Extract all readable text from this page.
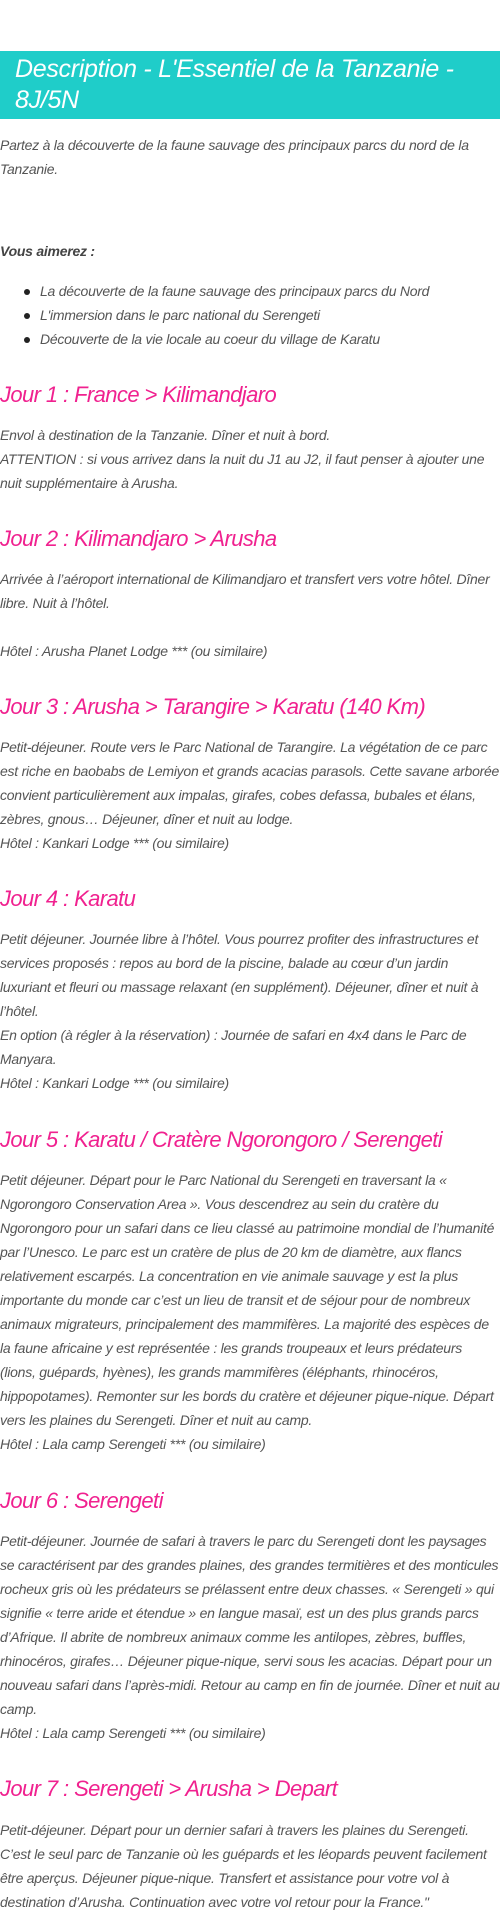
Description - L'Essentiel de la Tanzanie - 8J/5N

Partez à la découverte de la faune sauvage des principaux parcs du nord de la Tanzanie.

Vous aimerez :

La découverte de la faune sauvage des principaux parcs du Nord
L'immersion dans le parc national du Serengeti
Découverte de la vie locale au coeur du village de Karatu
Jour 1 : France > Kilimandjaro

Envol à destination de la Tanzanie. Dîner et nuit à bord.
ATTENTION : si vous arrivez dans la nuit du J1 au J2, il faut penser à ajouter une nuit supplémentaire à Arusha.

Jour 2 : Kilimandjaro > Arusha

Arrivée à l’aéroport international de Kilimandjaro et transfert vers votre hôtel. Dîner libre. Nuit à l’hôtel.

Hôtel : Arusha Planet Lodge *** (ou similaire)

Jour 3 : Arusha > Tarangire > Karatu (140 Km)

Petit-déjeuner. Route vers le Parc National de Tarangire. La végétation de ce parc est riche en baobabs de Lemiyon et grands acacias parasols. Cette savane arborée convient particulièrement aux impalas, girafes, cobes defassa, bubales et élans, zèbres, gnous… Déjeuner, dîner et nuit au lodge.
Hôtel : Kankari Lodge *** (ou similaire)

Jour 4 : Karatu

Petit déjeuner. Journée libre à l’hôtel. Vous pourrez profiter des infrastructures et services proposés : repos au bord de la piscine, balade au cœur d’un jardin luxuriant et fleuri ou massage relaxant (en supplément). Déjeuner, dîner et nuit à l’hôtel.
En option (à régler à la réservation) : Journée de safari en 4x4 dans le Parc de Manyara.
Hôtel : Kankari Lodge *** (ou similaire)

Jour 5 : Karatu / Cratère Ngorongoro / Serengeti

Petit déjeuner. Départ pour le Parc National du Serengeti en traversant la « Ngorongoro Conservation Area ». Vous descendrez au sein du cratère du Ngorongoro pour un safari dans ce lieu classé au patrimoine mondial de l’humanité par l’Unesco. Le parc est un cratère de plus de 20 km de diamètre, aux flancs relativement escarpés. La concentration en vie animale sauvage y est la plus importante du monde car c’est un lieu de transit et de séjour pour de nombreux animaux migrateurs, principalement des mammifères. La majorité des espèces de la faune africaine y est représentée : les grands troupeaux et leurs prédateurs (lions, guépards, hyènes), les grands mammifères (éléphants, rhinocéros, hippopotames). Remonter sur les bords du cratère et déjeuner pique-nique. Départ vers les plaines du Serengeti. Dîner et nuit au camp.
Hôtel : Lala camp Serengeti *** (ou similaire)

Jour 6 : Serengeti

Petit-déjeuner. Journée de safari à travers le parc du Serengeti dont les paysages se caractérisent par des grandes plaines, des grandes termitières et des monticules rocheux gris où les prédateurs se prélassent entre deux chasses. « Serengeti » qui signifie « terre aride et étendue » en langue masaï, est un des plus grands parcs d’Afrique. Il abrite de nombreux animaux comme les antilopes, zèbres, buffles, rhinocéros, girafes… Déjeuner pique-nique, servi sous les acacias. Départ pour un nouveau safari dans l’après-midi. Retour au camp en fin de journée. Dîner et nuit au camp.
Hôtel : Lala camp Serengeti *** (ou similaire)

Jour 7 : Serengeti > Arusha > Depart

Petit-déjeuner. Départ pour un dernier safari à travers les plaines du Serengeti. C’est le seul parc de Tanzanie où les guépards et les léopards peuvent facilement être aperçus. Déjeuner pique-nique. Transfert et assistance pour votre vol à destination d’Arusha. Continuation avec votre vol retour pour la France."
